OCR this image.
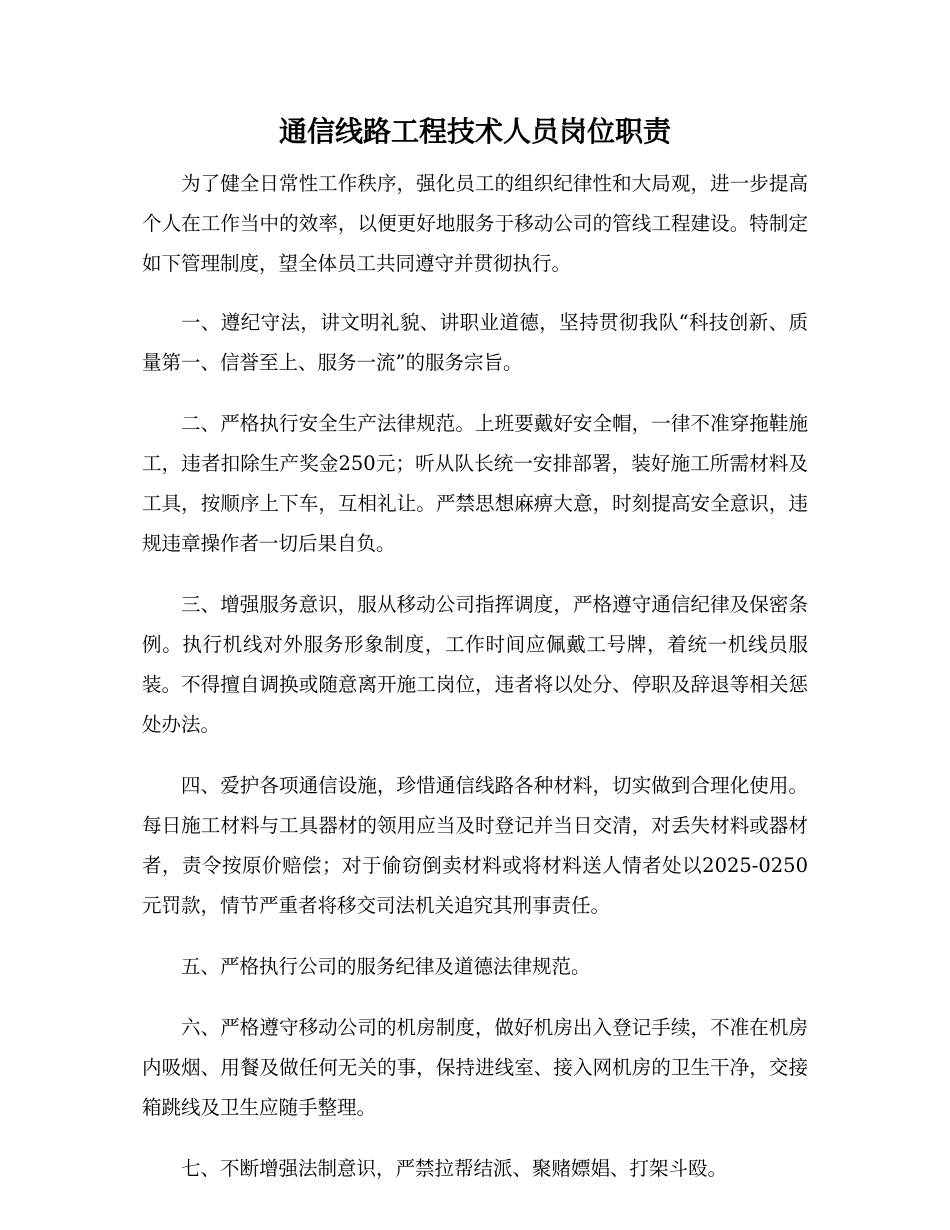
通信线路工程技术人员岗位职责

为了健全日常性工作秩序，强化员工的组织纪律性和大局观，进一步提高个人在工作当中的效率，以便更好地服务于移动公司的管线工程建设。特制定如下管理制度，望全体员工共同遵守并贯彻执行。

一、遵纪守法，讲文明礼貌、讲职业道德，坚持贯彻我队“科技创新、质量第一、信誉至上、服务一流”的服务宗旨。

二、严格执行安全生产法律规范。上班要戴好安全帽，一律不准穿拖鞋施工，违者扣除生产奖金250元；听从队长统一安排部署，装好施工所需材料及工具，按顺序上下车，互相礼让。严禁思想麻痹大意，时刻提高安全意识，违规违章操作者一切后果自负。

三、增强服务意识，服从移动公司指挥调度，严格遵守通信纪律及保密条例。执行机线对外服务形象制度，工作时间应佩戴工号牌，着统一机线员服装。不得擅自调换或随意离开施工岗位，违者将以处分、停职及辞退等相关惩处办法。

四、爱护各项通信设施，珍惜通信线路各种材料，切实做到合理化使用。每日施工材料与工具器材的领用应当及时登记并当日交清，对丢失材料或器材者，责令按原价赔偿；对于偷窃倒卖材料或将材料送人情者处以2025-0250元罚款，情节严重者将移交司法机关追究其刑事责任。

五、严格执行公司的服务纪律及道德法律规范。

六、严格遵守移动公司的机房制度，做好机房出入登记手续，不准在机房内吸烟、用餐及做任何无关的事，保持进线室、接入网机房的卫生干净，交接箱跳线及卫生应随手整理。

七、不断增强法制意识，严禁拉帮结派、聚赌嫖娼、打架斗殴。
